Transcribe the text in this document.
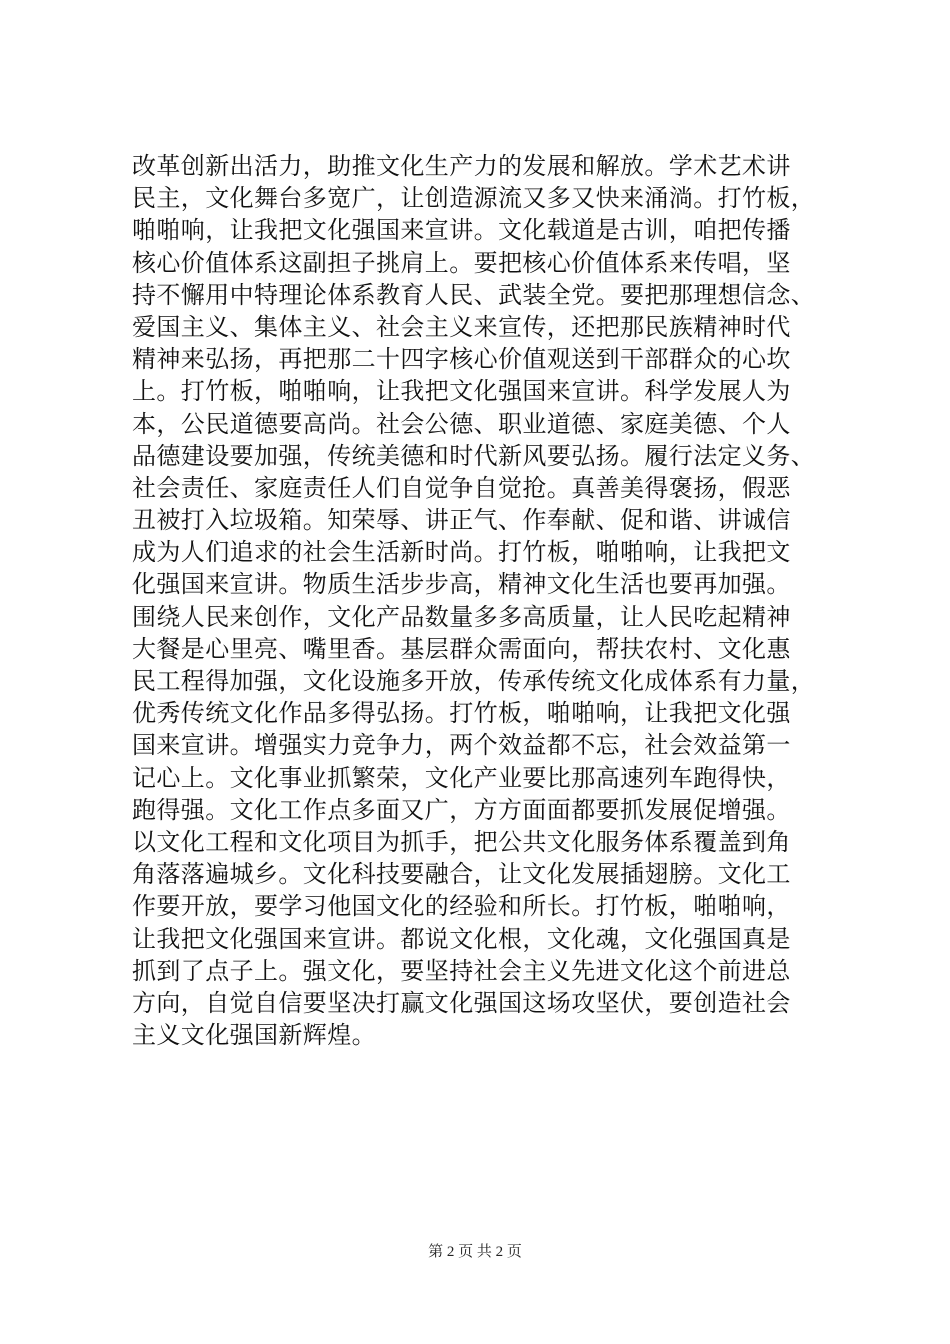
改革创新出活力，助推文化生产力的发展和解放。学术艺术讲
民主，文化舞台多宽广，让创造源流又多又快来涌淌。打竹板，
啪啪响，让我把文化强国来宣讲。文化载道是古训，咱把传播
核心价值体系这副担子挑肩上。要把核心价值体系来传唱，坚
持不懈用中特理论体系教育人民、武装全党。要把那理想信念、
爱国主义、集体主义、社会主义来宣传，还把那民族精神时代
精神来弘扬，再把那二十四字核心价值观送到干部群众的心坎
上。打竹板，啪啪响，让我把文化强国来宣讲。科学发展人为
本，公民道德要高尚。社会公德、职业道德、家庭美德、个人
品德建设要加强，传统美德和时代新风要弘扬。履行法定义务、
社会责任、家庭责任人们自觉争自觉抢。真善美得褒扬，假恶
丑被打入垃圾箱。知荣辱、讲正气、作奉献、促和谐、讲诚信
成为人们追求的社会生活新时尚。打竹板，啪啪响，让我把文
化强国来宣讲。物质生活步步高，精神文化生活也要再加强。
围绕人民来创作，文化产品数量多多高质量，让人民吃起精神
大餐是心里亮、嘴里香。基层群众需面向，帮扶农村、文化惠
民工程得加强，文化设施多开放，传承传统文化成体系有力量，
优秀传统文化作品多得弘扬。打竹板，啪啪响，让我把文化强
国来宣讲。增强实力竞争力，两个效益都不忘，社会效益第一
记心上。文化事业抓繁荣，文化产业要比那高速列车跑得快，
跑得强。文化工作点多面又广，方方面面都要抓发展促增强。
以文化工程和文化项目为抓手，把公共文化服务体系覆盖到角
角落落遍城乡。文化科技要融合，让文化发展插翅膀。文化工
作要开放，要学习他国文化的经验和所长。打竹板，啪啪响，
让我把文化强国来宣讲。都说文化根，文化魂，文化强国真是
抓到了点子上。强文化，要坚持社会主义先进文化这个前进总
方向，自觉自信要坚决打赢文化强国这场攻坚伏，要创造社会
主义文化强国新辉煌。
第 2 页 共 2 页
